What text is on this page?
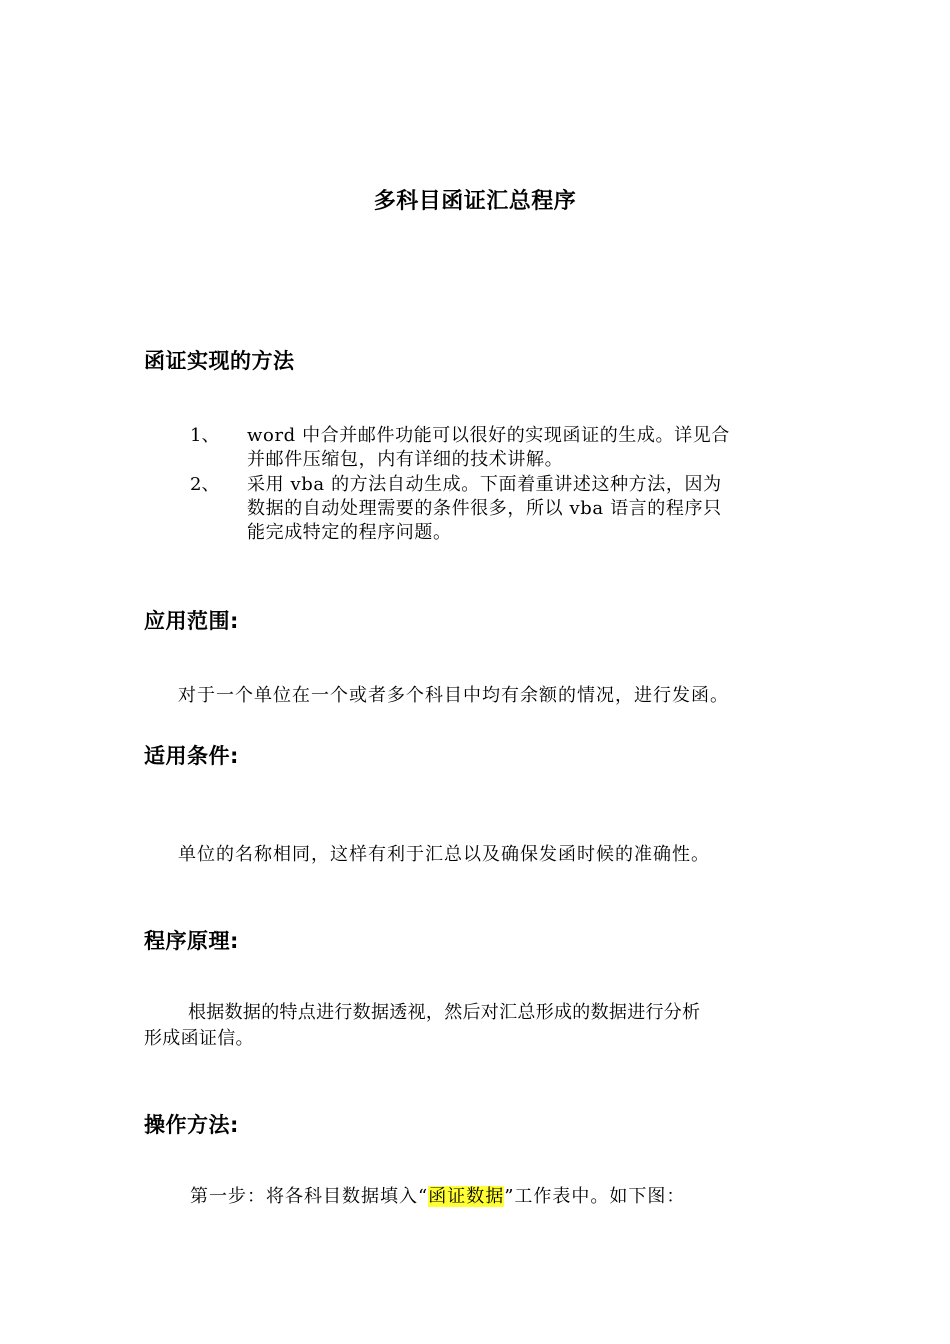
多科目函证汇总程序
函证实现的方法
1、 word 中合并邮件功能可以很好的实现函证的生成。详见合
并邮件压缩包，内有详细的技术讲解。
2、 采用 vba 的方法自动生成。下面着重讲述这种方法，因为
数据的自动处理需要的条件很多，所以 vba 语言的程序只
能完成特定的程序问题。
应用范围:
对于一个单位在一个或者多个科目中均有余额的情况，进行发函。
适用条件:
单位的名称相同，这样有利于汇总以及确保发函时候的准确性。
程序原理:
根据数据的特点进行数据透视，然后对汇总形成的数据进行分析
形成函证信。
操作方法:
第一步：将各科目数据填入“函证数据”工作表中。如下图：
